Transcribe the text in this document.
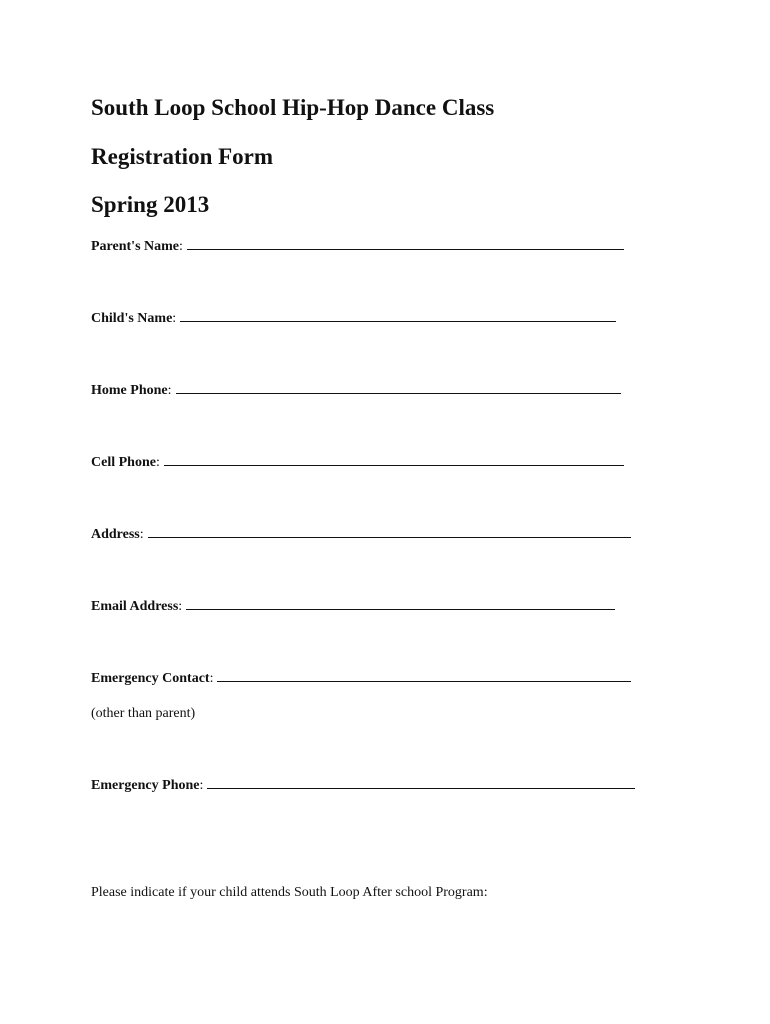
South Loop School Hip-Hop Dance Class
Registration Form
Spring 2013
Parent's Name:
Child's Name:
Home Phone:
Cell Phone:
Address:
Email Address:
Emergency Contact:
(other than parent)
Emergency Phone:
Please indicate if your child attends South Loop After school Program:
